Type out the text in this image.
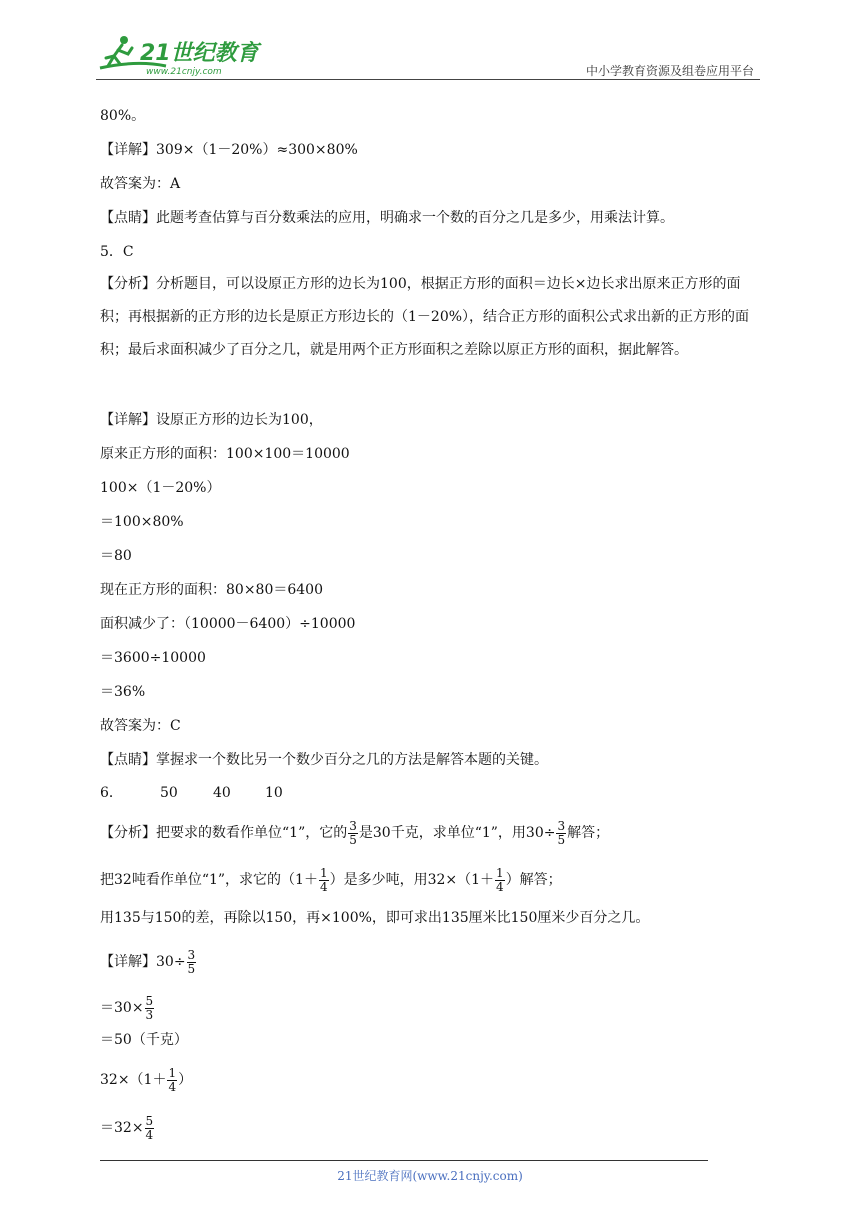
21世纪教育
www.21cnjy.com	中小学教育资源及组卷应用平台
80%。
【详解】309×（1－20%）≈300×80%
故答案为：A
【点睛】此题考查估算与百分数乘法的应用，明确求一个数的百分之几是多少，用乘法计算。
5．C
【分析】分析题目，可以设原正方形的边长为100，根据正方形的面积＝边长×边长求出原来正方形的面积；再根据新的正方形的边长是原正方形边长的（1－20%），结合正方形的面积公式求出新的正方形的面积；最后求面积减少了百分之几，就是用两个正方形面积之差除以原正方形的面积，据此解答。
【详解】设原正方形的边长为100，
原来正方形的面积：100×100＝10000
100×（1－20%）
＝100×80%
＝80
现在正方形的面积：80×80＝6400
面积减少了：（10000－6400）÷10000
＝3600÷10000
＝36%
故答案为：C
【点睛】掌握求一个数比另一个数少百分之几的方法是解答本题的关键。
6．	50	40 10
【分析】把要求的数看作单位“1”，它的 $\frac{3}{5}$ 是30千克，求单位“1”，用$30\div \frac{3}{5}$ 解答；
把32吨看作单位“1”，求它的（$1+ \frac{1}{4}$ ）是多少吨，用$32\times(1+ \frac{1}{4}$ ）解答；
用135与150的差，再除以150，再×100%，即可求出135厘米比150厘米少百分之几。
【详解】$30\div \frac{3}{5}$
$=30\times \frac{5}{3}$
＝50（千克）
$32\times(1+ \frac{1}{4}$ ）
$=32\times \frac{5}{4}$
21世纪教育网(www.21cnjy.com)
